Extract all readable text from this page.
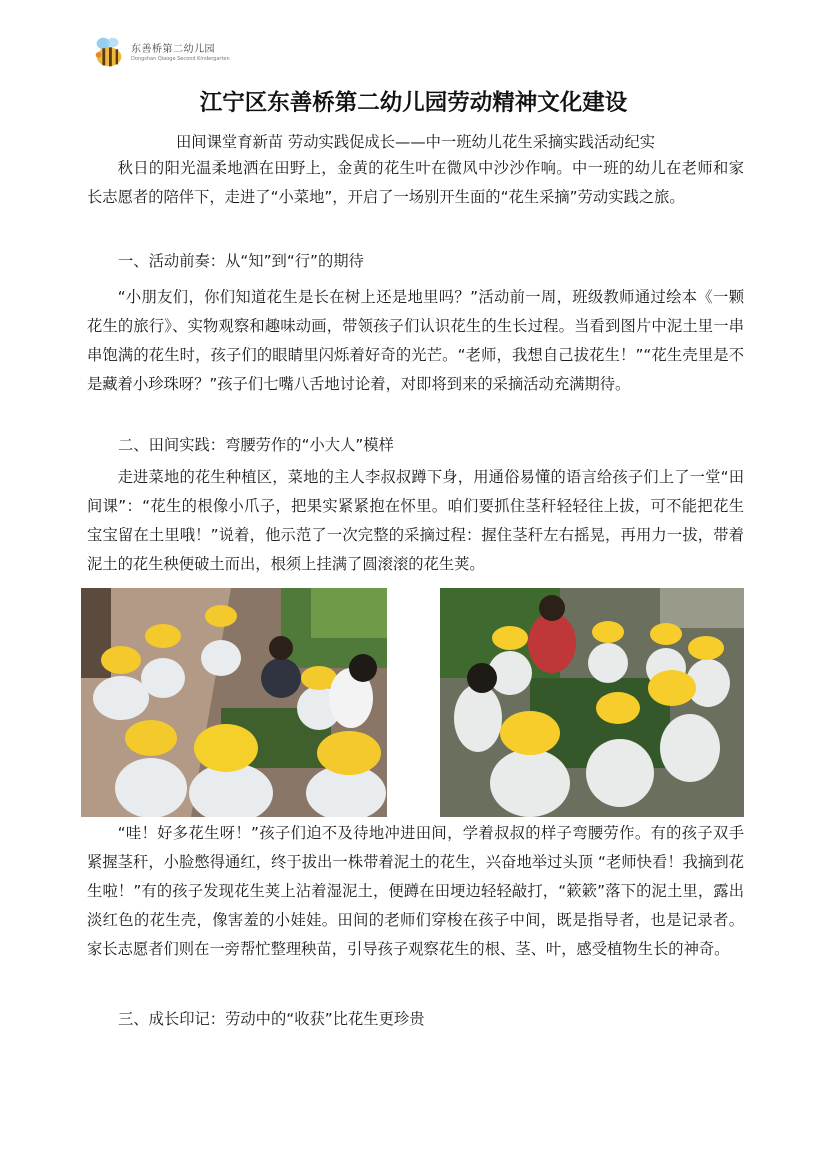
东善桥第二幼儿园
Dongshan Qiaoge Second Kindergarten
江宁区东善桥第二幼儿园劳动精神文化建设
田间课堂育新苗 劳动实践促成长——中一班幼儿花生采摘实践活动纪实

秋日的阳光温柔地洒在田野上，金黄的花生叶在微风中沙沙作响。中一班的幼儿在老师和家长志愿者的陪伴下，走进了“小菜地”，开启了一场别开生面的“花生采摘”劳动实践之旅。

一、活动前奏：从“知”到“行”的期待

“小朋友们，你们知道花生是长在树上还是地里吗？”活动前一周，班级教师通过绘本《一颗花生的旅行》、实物观察和趣味动画，带领孩子们认识花生的生长过程。当看到图片中泥土里一串串饱满的花生时，孩子们的眼睛里闪烁着好奇的光芒。“老师，我想自己拔花生！”“花生壳里是不是藏着小珍珠呀？”孩子们七嘴八舌地讨论着，对即将到来的采摘活动充满期待。

二、田间实践：弯腰劳作的“小大人”模样

走进菜地的花生种植区，菜地的主人李叔叔蹲下身，用通俗易懂的语言给孩子们上了一堂“田间课”：“花生的根像小爪子，把果实紧紧抱在怀里。咱们要抓住茎秆轻轻往上拔，可不能把花生宝宝留在土里哦！”说着，他示范了一次完整的采摘过程：握住茎秆左右摇晃，再用力一拔，带着泥土的花生秧便破土而出，根须上挂满了圆滚滚的花生荚。

“哇！好多花生呀！”孩子们迫不及待地冲进田间，学着叔叔的样子弯腰劳作。有的孩子双手紧握茎秆，小脸憋得通红，终于拔出一株带着泥土的花生，兴奋地举过头顶 “老师快看！我摘到花生啦！”有的孩子发现花生荚上沾着湿泥土，便蹲在田埂边轻轻敲打，“簌簌”落下的泥土里，露出淡红色的花生壳，像害羞的小娃娃。田间的老师们穿梭在孩子中间，既是指导者，也是记录者。家长志愿者们则在一旁帮忙整理秧苗，引导孩子观察花生的根、茎、叶，感受植物生长的神奇。

三、成长印记：劳动中的“收获”比花生更珍贵
